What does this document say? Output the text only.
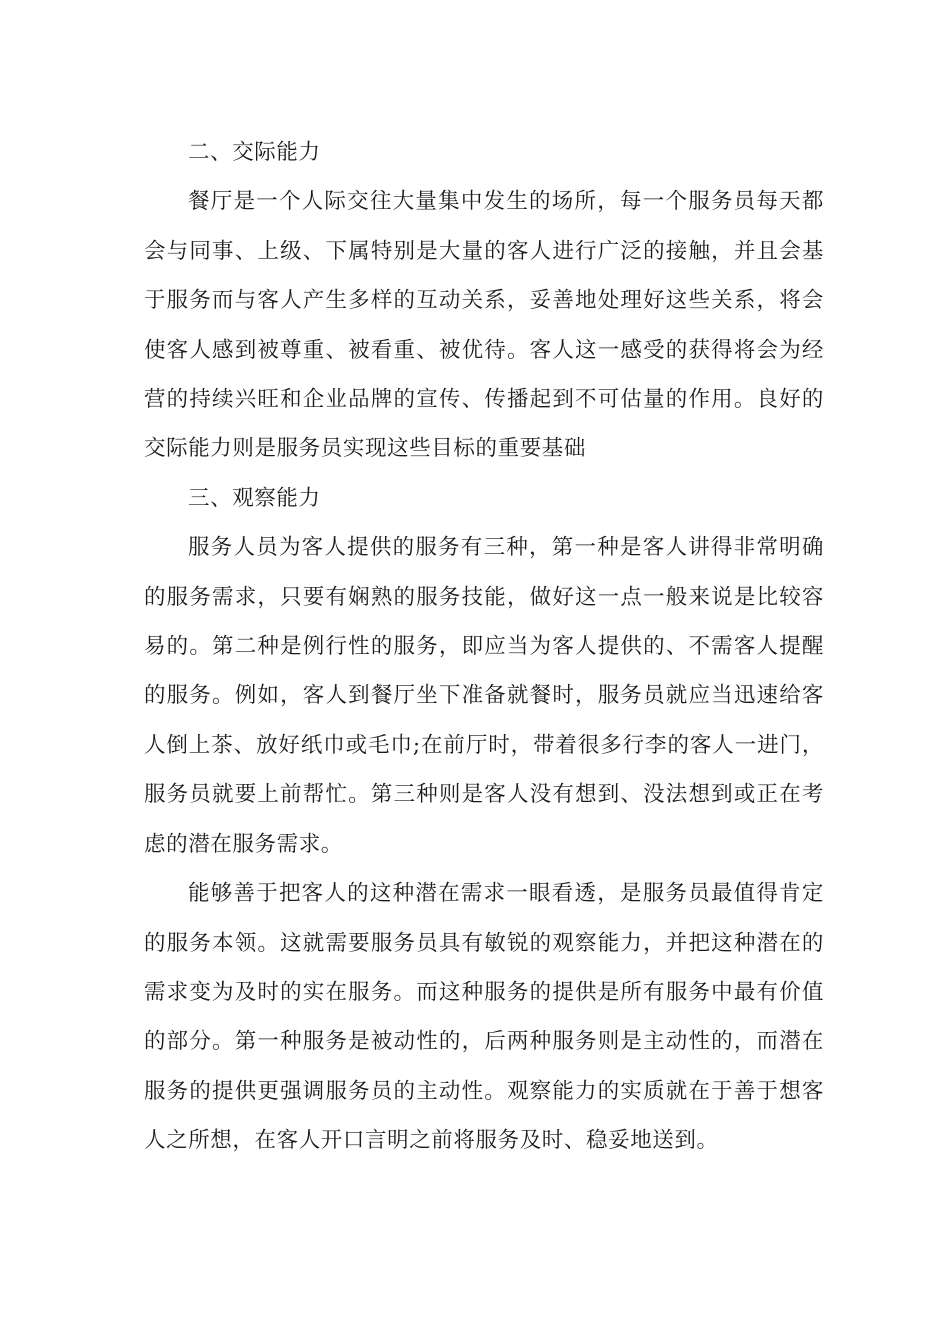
二、交际能力

餐厅是一个人际交往大量集中发生的场所，每一个服务员每天都会与同事、上级、下属特别是大量的客人进行广泛的接触，并且会基于服务而与客人产生多样的互动关系，妥善地处理好这些关系，将会使客人感到被尊重、被看重、被优待。客人这一感受的获得将会为经营的持续兴旺和企业品牌的宣传、传播起到不可估量的作用。良好的交际能力则是服务员实现这些目标的重要基础

三、观察能力

服务人员为客人提供的服务有三种，第一种是客人讲得非常明确的服务需求，只要有娴熟的服务技能，做好这一点一般来说是比较容易的。第二种是例行性的服务，即应当为客人提供的、不需客人提醒的服务。例如，客人到餐厅坐下准备就餐时，服务员就应当迅速给客人倒上茶、放好纸巾或毛巾;在前厅时，带着很多行李的客人一进门，服务员就要上前帮忙。第三种则是客人没有想到、没法想到或正在考虑的潜在服务需求。

能够善于把客人的这种潜在需求一眼看透，是服务员最值得肯定的服务本领。这就需要服务员具有敏锐的观察能力，并把这种潜在的需求变为及时的实在服务。而这种服务的提供是所有服务中最有价值的部分。第一种服务是被动性的，后两种服务则是主动性的，而潜在服务的提供更强调服务员的主动性。观察能力的实质就在于善于想客人之所想，在客人开口言明之前将服务及时、稳妥地送到。
